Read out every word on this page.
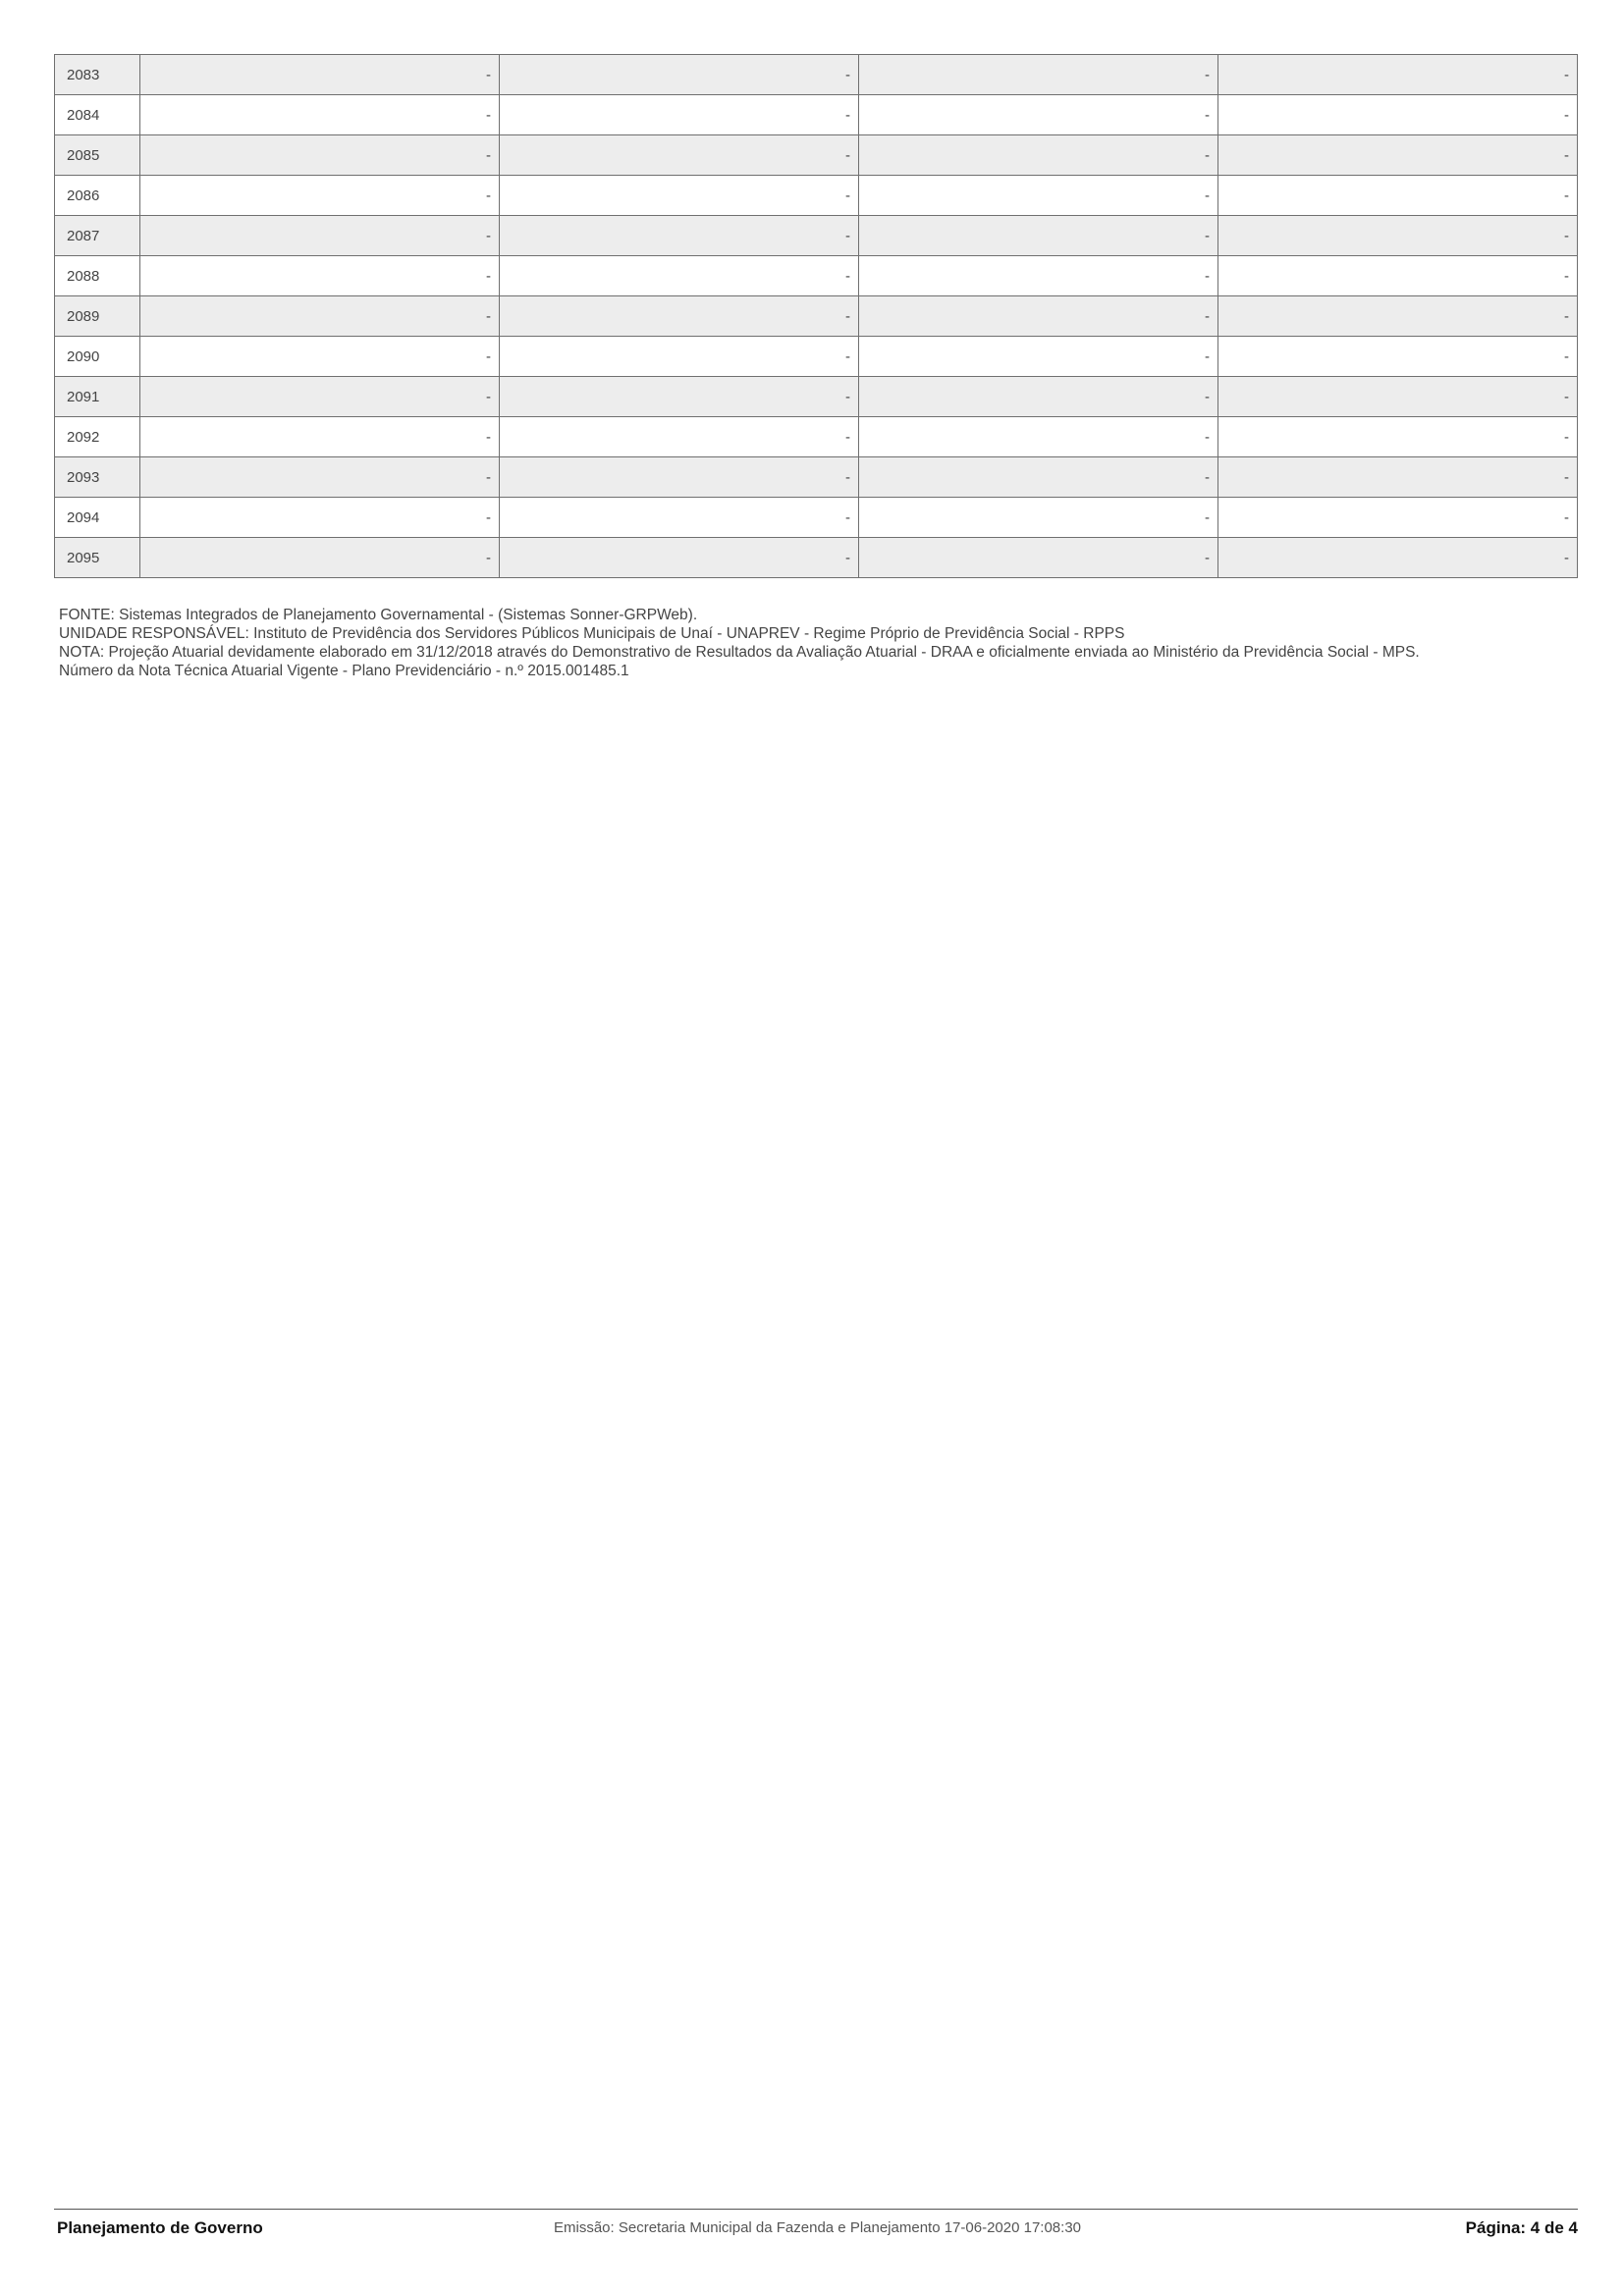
2083	-	-	-	-
2084	-	-	-	-
2085	-	-	-	-
2086	-	-	-	-
2087	-	-	-	-
2088	-	-	-	-
2089	-	-	-	-
2090	-	-	-	-
2091	-	-	-	-
2092	-	-	-	-
2093	-	-	-	-
2094	-	-	-	-
2095	-	-	-	-
FONTE: Sistemas Integrados de Planejamento Governamental - (Sistemas Sonner-GRPWeb).
UNIDADE RESPONSÁVEL: Instituto de Previdência dos Servidores Públicos Municipais de Unaí - UNAPREV - Regime Próprio de Previdência Social - RPPS
NOTA: Projeção Atuarial devidamente elaborado em 31/12/2018 através do Demonstrativo de Resultados da Avaliação Atuarial - DRAA e oficialmente enviada ao Ministério da Previdência Social - MPS.
Número da Nota Técnica Atuarial Vigente - Plano Previdenciário - n.º 2015.001485.1
Planejamento de Governo	Emissão: Secretaria Municipal da Fazenda e Planejamento 17-06-2020 17:08:30	Página: 4 de 4
